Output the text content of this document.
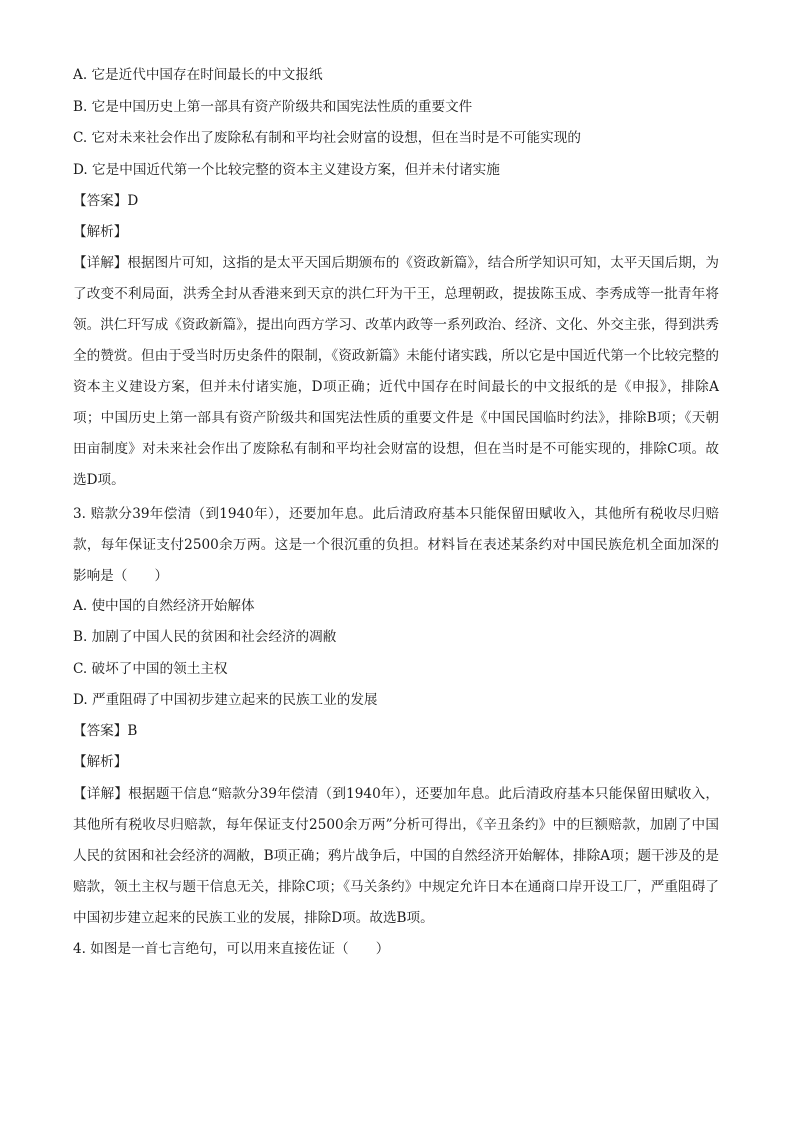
A. 它是近代中国存在时间最长的中文报纸
B. 它是中国历史上第一部具有资产阶级共和国宪法性质的重要文件
C. 它对未来社会作出了废除私有制和平均社会财富的设想，但在当时是不可能实现的
D. 它是中国近代第一个比较完整的资本主义建设方案，但并未付诸实施
【答案】D
【解析】
【详解】根据图片可知，这指的是太平天国后期颁布的《资政新篇》，结合所学知识可知，太平天国后期，为了改变不利局面，洪秀全封从香港来到天京的洪仁玕为干王，总理朝政，提拔陈玉成、李秀成等一批青年将领。洪仁玕写成《资政新篇》，提出向西方学习、改革内政等一系列政治、经济、文化、外交主张，得到洪秀全的赞赏。但由于受当时历史条件的限制，《资政新篇》未能付诸实践，所以它是中国近代第一个比较完整的资本主义建设方案，但并未付诸实施，D项正确；近代中国存在时间最长的中文报纸的是《申报》，排除A项；中国历史上第一部具有资产阶级共和国宪法性质的重要文件是《中国民国临时约法》，排除B项；《天朝田亩制度》对未来社会作出了废除私有制和平均社会财富的设想，但在当时是不可能实现的，排除C项。故选D项。
3. 赔款分39年偿清（到1940年），还要加年息。此后清政府基本只能保留田赋收入，其他所有税收尽归赔款，每年保证支付2500余万两。这是一个很沉重的负担。材料旨在表述某条约对中国民族危机全面加深的影响是（　　）
A. 使中国的自然经济开始解体
B. 加剧了中国人民的贫困和社会经济的凋敝
C. 破坏了中国的领土主权
D. 严重阻碍了中国初步建立起来的民族工业的发展
【答案】B
【解析】
【详解】根据题干信息“赔款分39年偿清（到1940年），还要加年息。此后清政府基本只能保留田赋收入，其他所有税收尽归赔款，每年保证支付2500余万两”分析可得出，《辛丑条约》中的巨额赔款，加剧了中国人民的贫困和社会经济的凋敝，B项正确；鸦片战争后，中国的自然经济开始解体，排除A项；题干涉及的是赔款，领土主权与题干信息无关，排除C项；《马关条约》中规定允许日本在通商口岸开设工厂，严重阻碍了中国初步建立起来的民族工业的发展，排除D项。故选B项。
4. 如图是一首七言绝句，可以用来直接佐证（　　）
